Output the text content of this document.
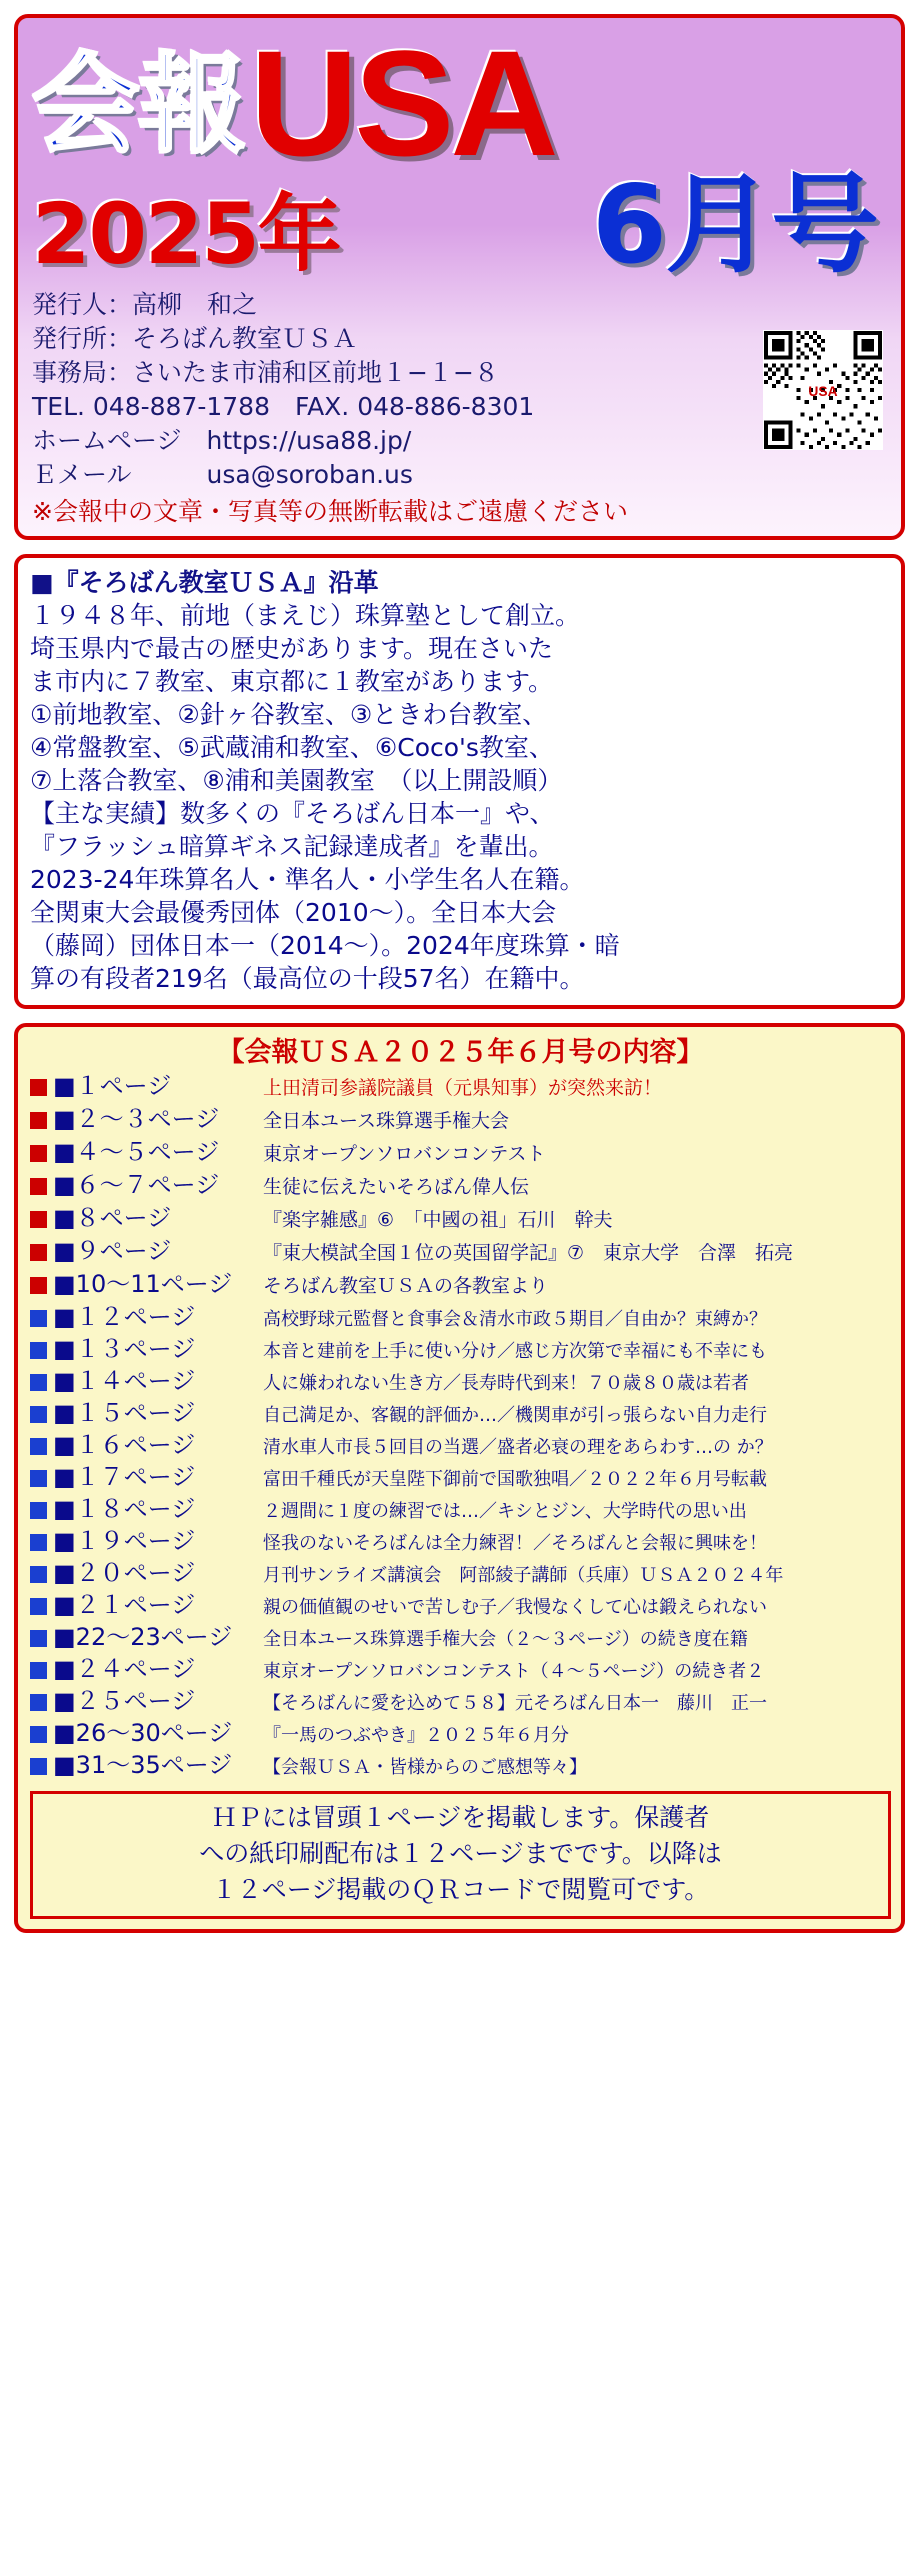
会報 USA
2025年 6月号
USA
発行人：高柳　和之
発行所：そろばん教室ＵＳＡ
事務局：さいたま市浦和区前地１−１−８
TEL. 048-887-1788　FAX. 048-886-8301
ホームページ　https://usa88.jp/
Ｅメール　　　usa@soroban.us
※会報中の文章・写真等の無断転載はご遠慮ください
■『そろばん教室ＵＳＡ』沿革
１９４８年、前地（まえじ）珠算塾として創立。
埼玉県内で最古の歴史があります。現在さいた
ま市内に７教室、東京都に１教室があります。
①前地教室、②針ヶ谷教室、③ときわ台教室、
④常盤教室、⑤武蔵浦和教室、⑥Coco's教室、
⑦上落合教室、⑧浦和美園教室　（以上開設順）
【主な実績】数多くの『そろばん日本一』や、
『フラッシュ暗算ギネス記録達成者』を輩出。
2023-24年珠算名人・準名人・小学生名人在籍。
全関東大会最優秀団体（2010〜）。全日本大会
（藤岡）団体日本一（2014〜）。2024年度珠算・暗
算の有段者219名（最高位の十段57名）在籍中。
【会報ＵＳＡ２０２５年６月号の内容】
■１ページ	上田清司参議院議員（元県知事）が突然来訪！
■２〜３ページ	全日本ユース珠算選手権大会
■４〜５ページ	東京オープンソロバンコンテスト
■６〜７ページ	生徒に伝えたいそろばん偉人伝
■８ページ	『楽字雑感』⑥　「中國の祖」石川　幹夫
■９ページ	『東大模試全国１位の英国留学記』⑦　東京大学　合澤　拓亮
■10〜11ページ	そろばん教室ＵＳＡの各教室より
■１２ページ	高校野球元監督と食事会＆清水市政５期目／自由か？束縛か？
■１３ページ	本音と建前を上手に使い分け／感じ方次第で幸福にも不幸にも
■１４ページ	人に嫌われない生き方／長寿時代到来！７０歳８０歳は若者
■１５ページ	自己満足か、客観的評価か…／機関車が引っ張らない自力走行
■１６ページ	清水車人市長５回目の当選／盛者必衰の理をあらわす…の か？
■１７ページ	富田千種氏が天皇陛下御前で国歌独唱／２０２２年６月号転載
■１８ページ	２週間に１度の練習では…／キシとジン、大学時代の思い出
■１９ページ	怪我のないそろばんは全力練習！／そろばんと会報に興味を！
■２０ページ	月刊サンライズ講演会　阿部綾子講師（兵庫）ＵＳＡ２０２４年
■２１ページ	親の価値観のせいで苦しむ子／我慢なくして心は鍛えられない
■22〜23ページ	全日本ユース珠算選手権大会（２〜３ページ）の続き度在籍
■２４ページ	東京オープンソロバンコンテスト（４〜５ページ）の続き者２
■２５ページ	【そろばんに愛を込めて５８】元そろばん日本一　藤川　正一
■26〜30ページ	『一馬のつぶやき』２０２５年６月分
■31〜35ページ	【会報ＵＳＡ・皆様からのご感想等々】
ＨＰには冒頭１ページを掲載します。保護者
への紙印刷配布は１２ページまでです。以降は
１２ページ掲載のＱＲコードで閲覧可です。
